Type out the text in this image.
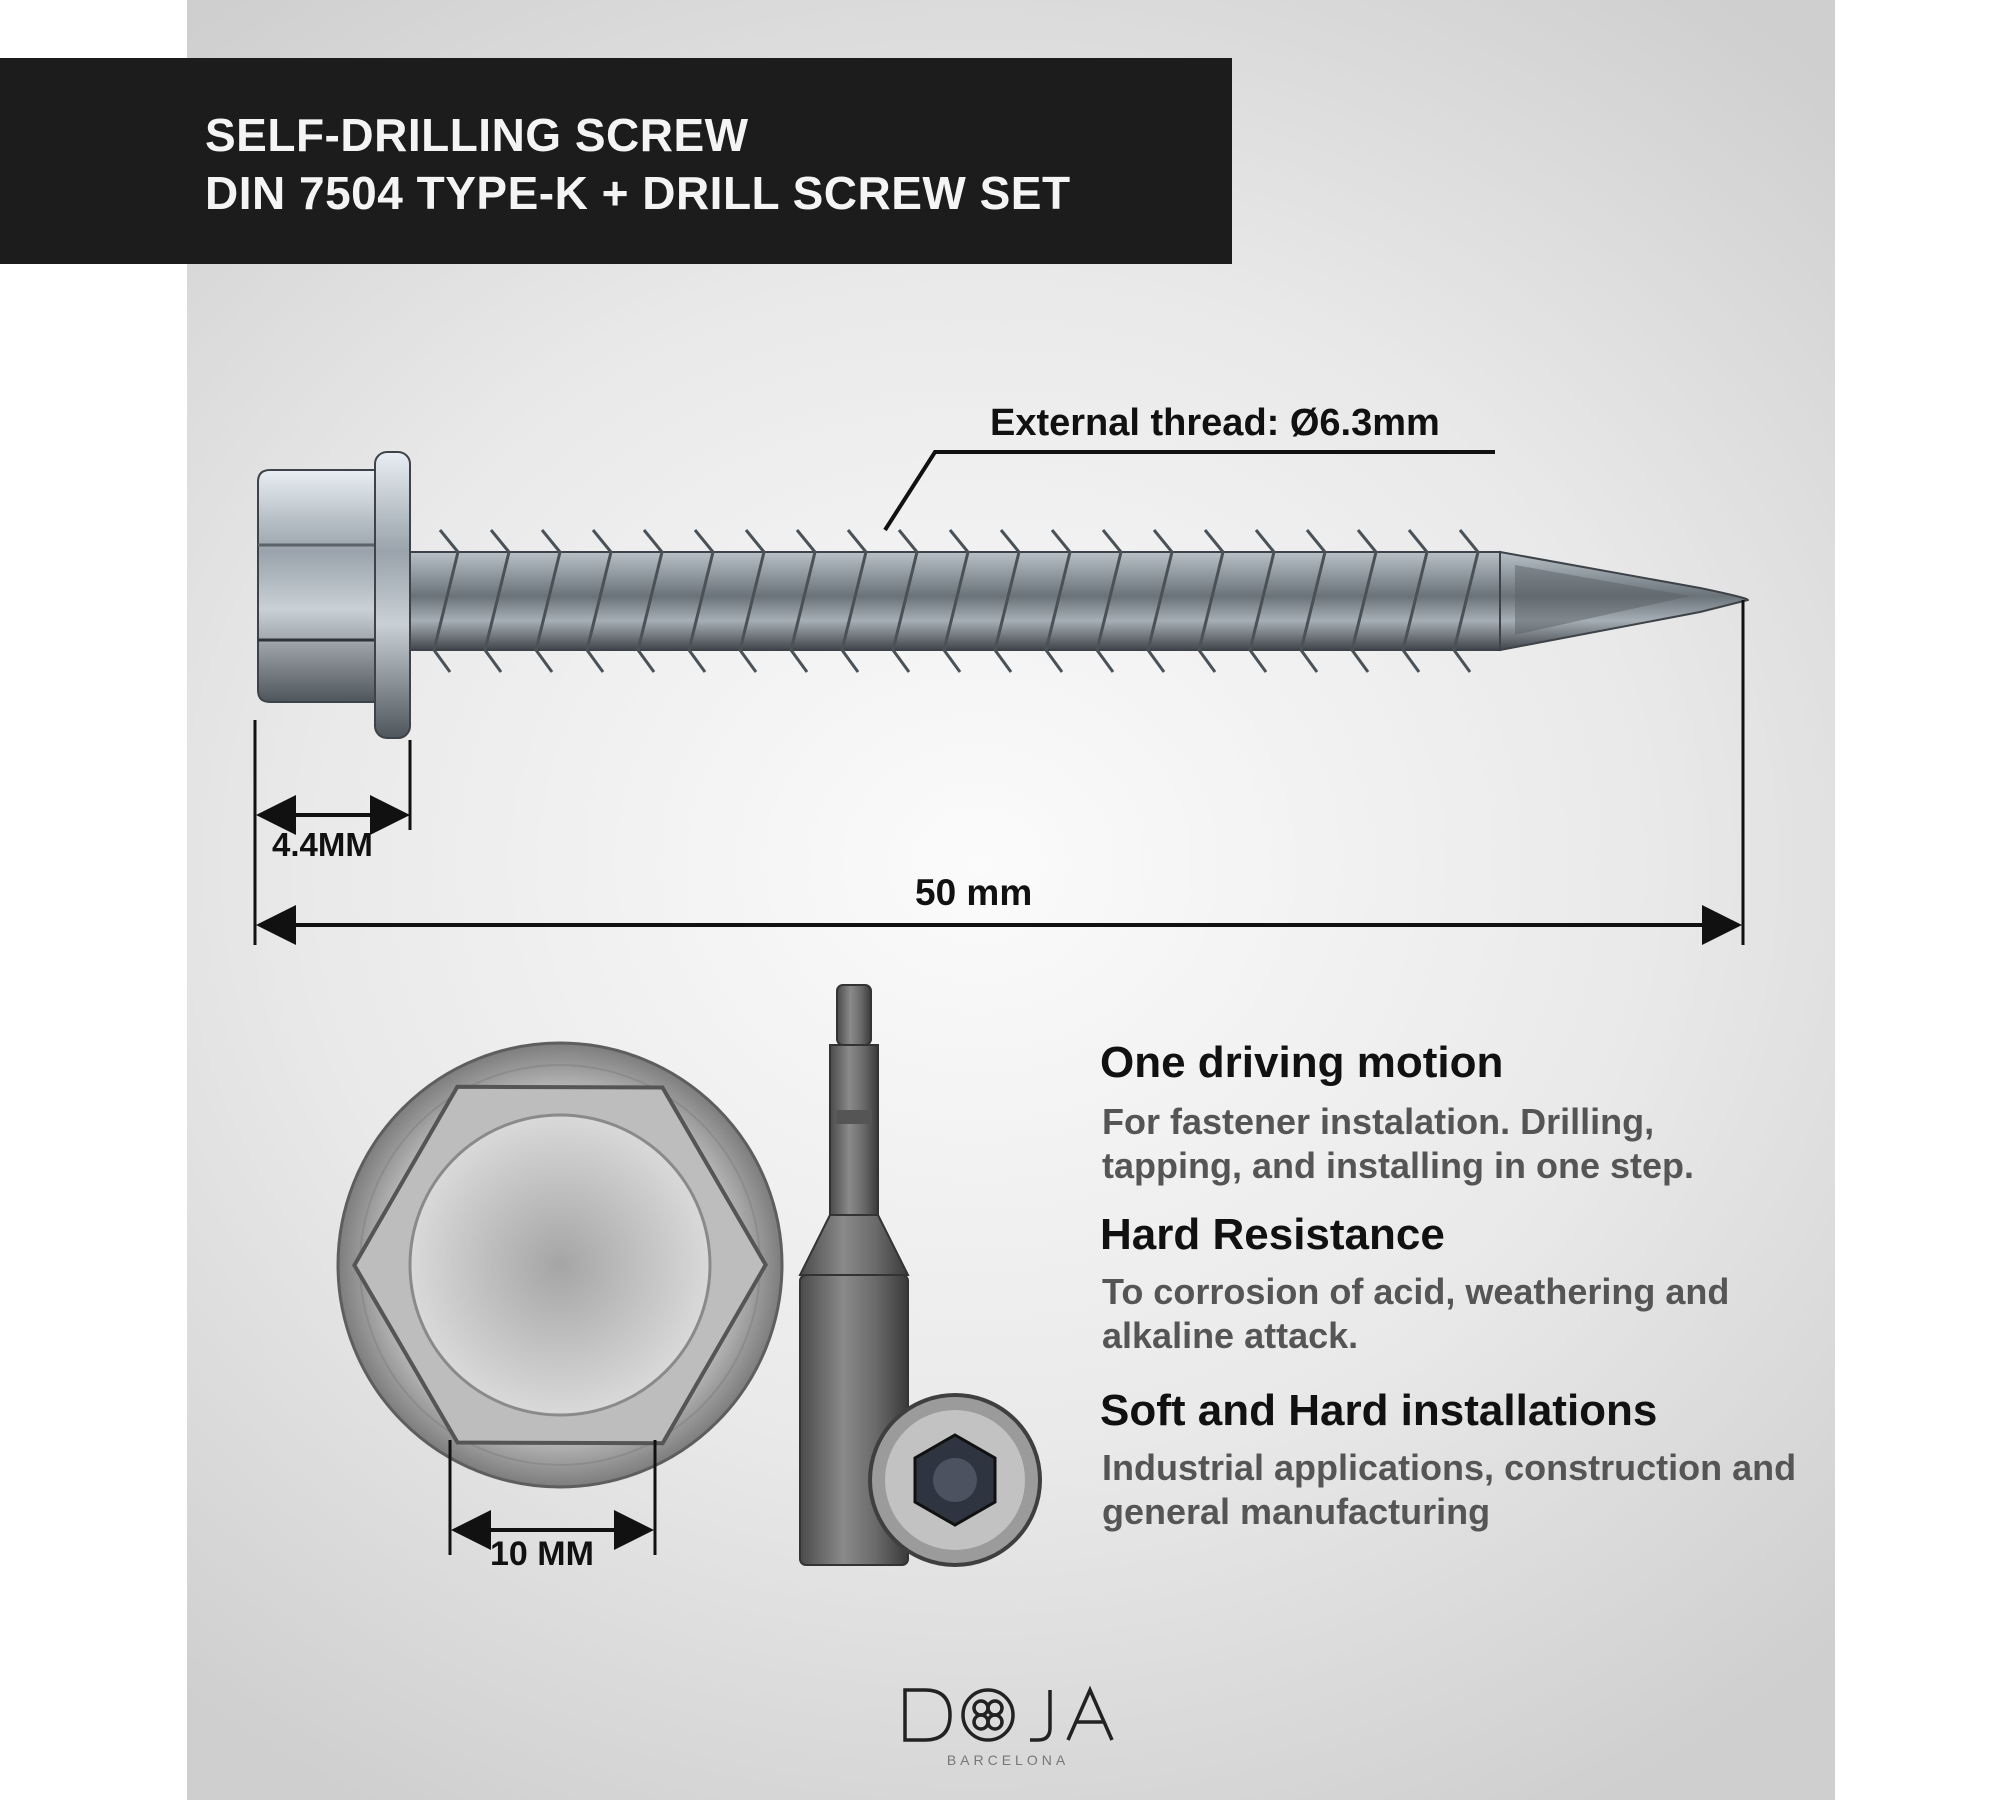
SELF-DRILLING SCREW
DIN 7504 TYPE-K + DRILL SCREW SET
External thread: Ø6.3mm
4.4MM
50 mm
10 MM
One driving motion
For fastener instalation. Drilling, tapping, and installing in one step.
Hard Resistance
To corrosion of acid, weathering and alkaline attack.
Soft and Hard installations
Industrial applications, construction and general manufacturing
BARCELONA
